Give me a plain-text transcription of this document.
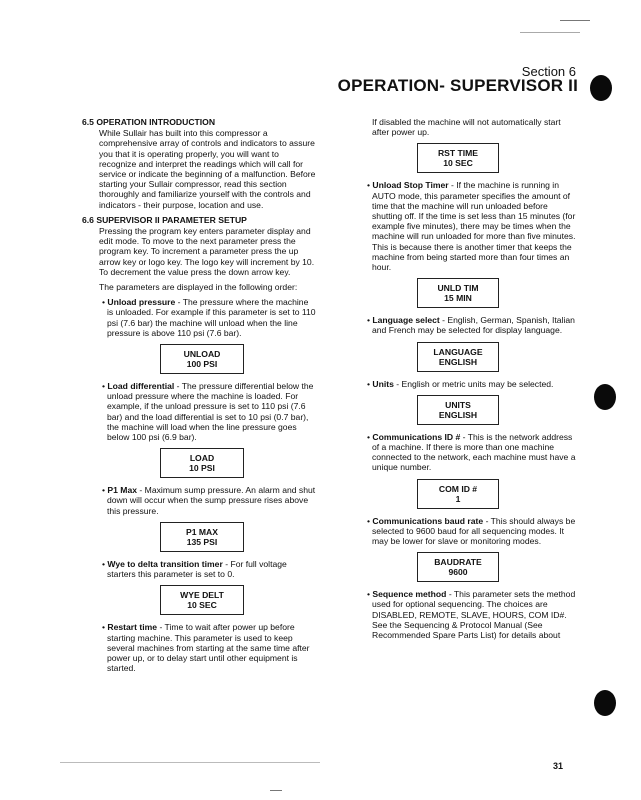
Section 6
OPERATION- SUPERVISOR II
6.5 OPERATION INTRODUCTION

While Sullair has built into this compressor a comprehensive array of controls and indicators to assure you that it is operating properly, you will want to recognize and interpret the readings which will call for service or indicate the beginning of a malfunction. Before starting your Sullair compressor, read this section thoroughly and familiarize yourself with the controls and indicators - their purpose, location and use.

6.6 SUPERVISOR II PARAMETER SETUP

Pressing the program key enters parameter display and edit mode. To move to the next parameter press the program key. To increment a parameter press the up arrow key or logo key. The logo key will increment by 10. To decrement the value press the down arrow key.

The parameters are displayed in the following order:

• Unload pressure - The pressure where the machine is unloaded. For example if this parameter is set to 110 psi (7.6 bar) the machine will unload when the line pressure is above 110 psi (7.6 bar).

UNLOAD
100 PSI

• Load differential - The pressure differential below the unload pressure where the machine is loaded. For example, if the unload pressure is set to 110 psi (7.6 bar) and the load differential is set to 10 psi (0.7 bar), the machine will load when the line pressure goes below 100 psi (6.9 bar).

LOAD
10 PSI

• P1 Max - Maximum sump pressure. An alarm and shut down will occur when the sump pressure rises above this pressure.

P1 MAX
135 PSI

• Wye to delta transition timer - For full voltage starters this parameter is set to 0.

WYE DELT
10 SEC

• Restart time - Time to wait after power up before starting machine. This parameter is used to keep several machines from starting at the same time after power up, or to delay start until other equipment is started.

If disabled the machine will not automatically start after power up.

RST TIME
10 SEC

• Unload Stop Timer - If the machine is running in AUTO mode, this parameter specifies the amount of time that the machine will run unloaded before shutting off. If the time is set less than 15 minutes (for example five minutes), there may be times when the machine will run unloaded for more than five minutes. This is because there is another timer that keeps the machine from being started more than four times an hour.

UNLD TIM
15 MIN

• Language select - English, German, Spanish, Italian and French may be selected for display language.

LANGUAGE
ENGLISH

• Units - English or metric units may be selected.

UNITS
ENGLISH

• Communications ID # - This is the network address of a machine. If there is more than one machine connected to the network, each machine must have a unique number.

COM ID #
1

• Communications baud rate - This should always be selected to 9600 baud for all sequencing modes. It may be lower for slave or monitoring modes.

BAUDRATE
9600

• Sequence method - This parameter sets the method used for optional sequencing. The choices are DISABLED, REMOTE, SLAVE, HOURS, COM ID#. See the Sequencing & Protocol Manual (See Recommended Spare Parts List) for details about

31
